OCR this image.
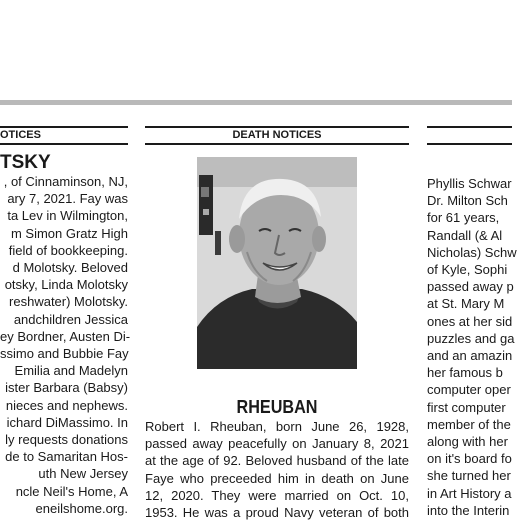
OTICES
TSKY
, of Cinnaminson, NJ,
ary 7, 2021. Fay was
ta Lev in Wilmington,
m Simon Gratz High
field of bookkeeping.
d Molotsky. Beloved
otsky, Linda Molotsky
reshwater) Molotsky.
andchildren Jessica
ey Bordner, Austen Di-
ssimo and Bubbie Fay
Emilia and Madelyn
ister Barbara (Babsy)
nieces and nephews.
ichard DiMassimo. In
ly requests donations
de to Samaritan Hos-
uth New Jersey
ncle Neil's Home, A
eneilshome.org.
DEATH NOTICES
RHEUBAN
Robert I. Rheuban, born June 26, 1928,
passed away peacefully on January 8, 2021
at the age of 92. Beloved husband of the late
Faye who preceeded him in death on June
12, 2020. They were married on Oct. 10,
1953. He was a proud Navy veteran of both
Phyllis Schwar
Dr. Milton Sch
for 61 years,
Randall (& Al
Nicholas) Schw
of Kyle, Sophi
passed away p
at St. Mary M
ones at her sid
puzzles and ga
and an amazin
her famous b
computer oper
first computer
member of the
along with her
on it's board fo
she turned her
in Art History a
into the Interin
